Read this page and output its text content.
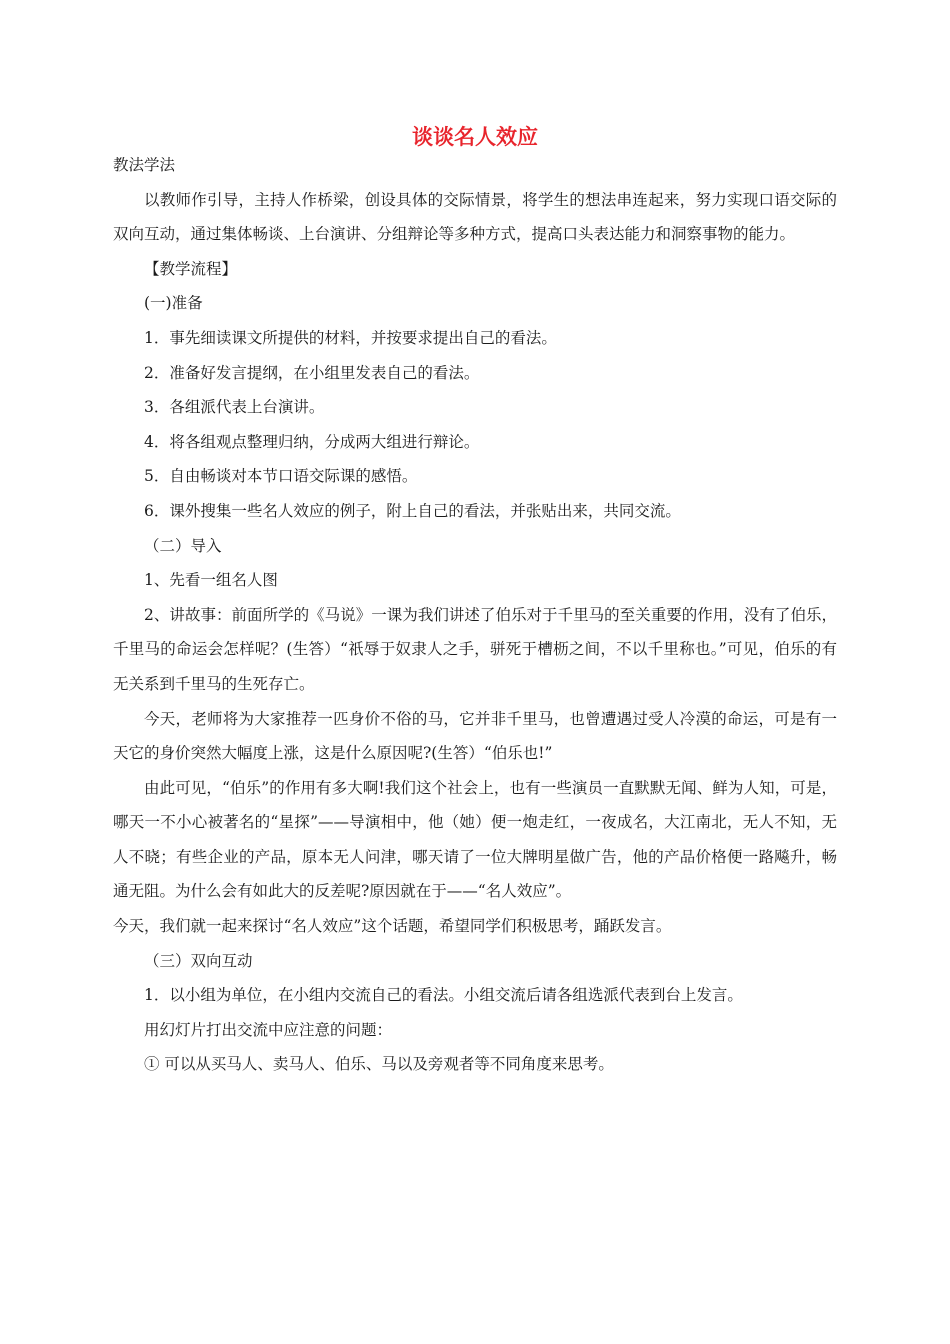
谈谈名人效应

教法学法

以教师作引导，主持人作桥梁，创设具体的交际情景，将学生的想法串连起来，努力实现口语交际的双向互动，通过集体畅谈、上台演讲、分组辩论等多种方式，提高口头表达能力和洞察事物的能力。

【教学流程】

(一)准备

1．事先细读课文所提供的材料，并按要求提出自己的看法。

2．准备好发言提纲，在小组里发表自己的看法。

3．各组派代表上台演讲。

4．将各组观点整理归纳，分成两大组进行辩论。

5．自由畅谈对本节口语交际课的感悟。

6．课外搜集一些名人效应的例子，附上自己的看法，并张贴出来，共同交流。

（二）导入

1、先看一组名人图

2、讲故事：前面所学的《马说》一课为我们讲述了伯乐对于千里马的至关重要的作用，没有了伯乐，千里马的命运会怎样呢？(生答）“祇辱于奴隶人之手，骈死于槽枥之间，不以千里称也。”可见，伯乐的有无关系到千里马的生死存亡。

今天，老师将为大家推荐一匹身价不俗的马，它并非千里马，也曾遭遇过受人冷漠的命运，可是有一天它的身价突然大幅度上涨，这是什么原因呢?(生答）“伯乐也!”

由此可见，“伯乐”的作用有多大啊!我们这个社会上，也有一些演员一直默默无闻、鲜为人知，可是，哪天一不小心被著名的“星探”——导演相中，他（她）便一炮走红，一夜成名，大江南北，无人不知，无人不晓；有些企业的产品，原本无人问津，哪天请了一位大牌明星做广告，他的产品价格便一路飚升，畅通无阻。为什么会有如此大的反差呢?原因就在于——“名人效应”。

今天，我们就一起来探讨“名人效应”这个话题，希望同学们积极思考，踊跃发言。

（三）双向互动

1．以小组为单位，在小组内交流自己的看法。小组交流后请各组选派代表到台上发言。

用幻灯片打出交流中应注意的问题：

① 可以从买马人、卖马人、伯乐、马以及旁观者等不同角度来思考。
